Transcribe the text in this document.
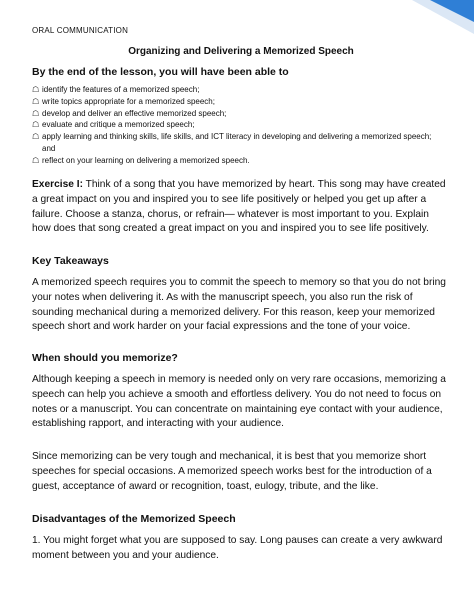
ORAL COMMUNICATION
Organizing and Delivering a Memorized Speech
By the end of the lesson, you will have been able to
☖ identify the features of a memorized speech;
☖ write topics appropriate for a memorized speech;
☖ develop and deliver an effective memorized speech;
☖ evaluate and critique a memorized speech;
☖ apply learning and thinking skills, life skills, and ICT literacy in developing and delivering a memorized speech; and
☖ reflect on your learning on delivering a memorized speech.

Exercise I: Think of a song that you have memorized by heart. This song may have created a great impact on you and inspired you to see life positively or helped you get up after a failure. Choose a stanza, chorus, or refrain— whatever is most important to you. Explain how does that song created a great impact on you and inspired you to see life positively.

Key Takeaways

A memorized speech requires you to commit the speech to memory so that you do not bring your notes when delivering it. As with the manuscript speech, you also run the risk of sounding mechanical during a memorized delivery. For this reason, keep your memorized speech short and work harder on your facial expressions and the tone of your voice.

When should you memorize?

Although keeping a speech in memory is needed only on very rare occasions, memorizing a speech can help you achieve a smooth and effortless delivery. You do not need to focus on notes or a manuscript. You can concentrate on maintaining eye contact with your audience, establishing rapport, and interacting with your audience.

Since memorizing can be very tough and mechanical, it is best that you memorize short speeches for special occasions. A memorized speech works best for the introduction of a guest, acceptance of award or recognition, toast, eulogy, tribute, and the like.

Disadvantages of the Memorized Speech

1. You might forget what you are supposed to say. Long pauses can create a very awkward moment between you and your audience.
